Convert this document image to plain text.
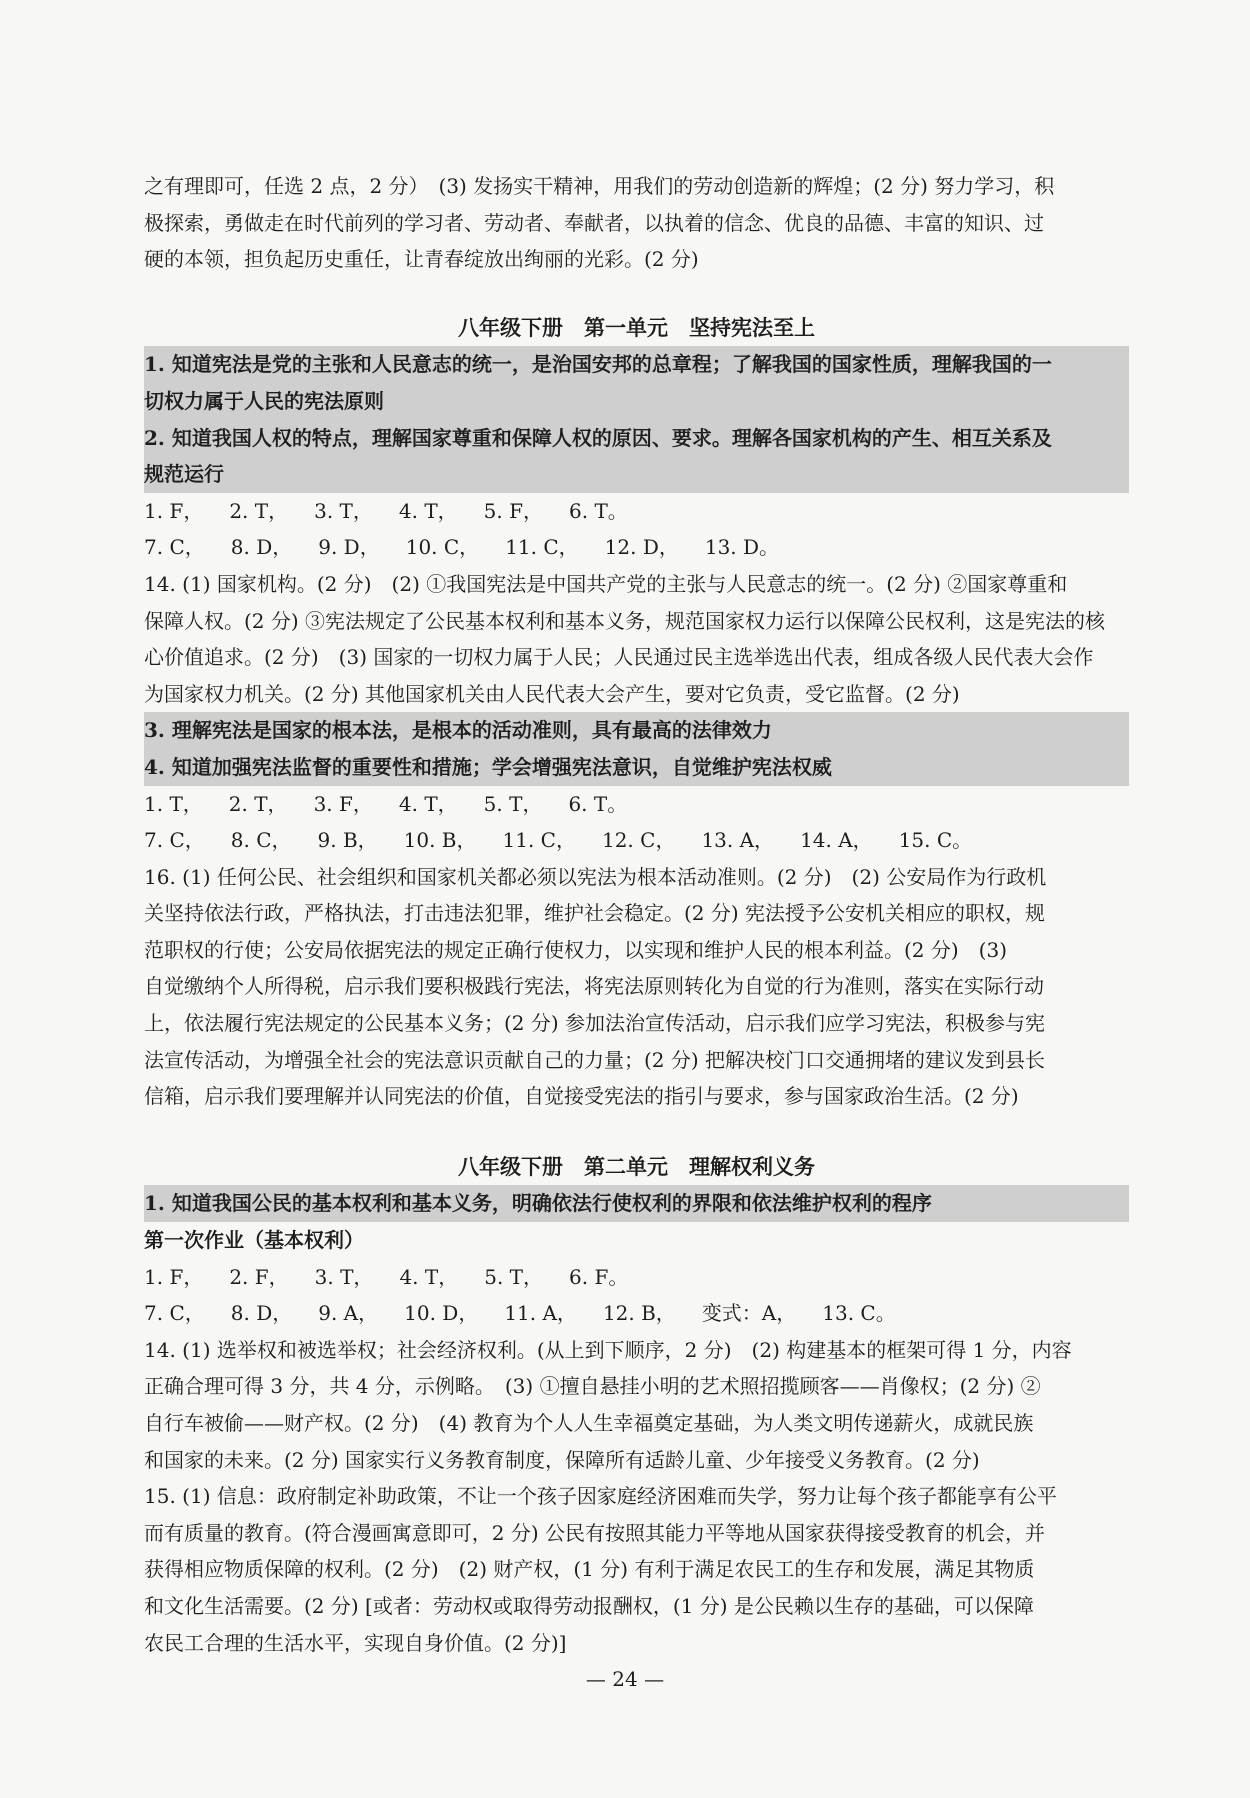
之有理即可，任选 2 点，2 分）　(3) 发扬实干精神，用我们的劳动创造新的辉煌；(2 分) 努力学习，积

极探索，勇做走在时代前列的学习者、劳动者、奉献者，以执着的信念、优良的品德、丰富的知识、过

硬的本领，担负起历史重任，让青春绽放出绚丽的光彩。(2 分)

八年级下册　第一单元　坚持宪法至上
1. 知道宪法是党的主张和人民意志的统一，是治国安邦的总章程；了解我国的国家性质，理解我国的一
切权力属于人民的宪法原则
2. 知道我国人权的特点，理解国家尊重和保障人权的原因、要求。理解各国家机构的产生、相互关系及
规范运行
1. F， 2. T， 3. T， 4. T， 5. F， 6. T。
7. C， 8. D， 9. D， 10. C， 11. C， 12. D， 13. D。

14. (1) 国家机构。(2 分)　(2) ①我国宪法是中国共产党的主张与人民意志的统一。(2 分) ②国家尊重和

保障人权。(2 分) ③宪法规定了公民基本权利和基本义务，规范国家权力运行以保障公民权利，这是宪法的核

心价值追求。(2 分)　(3) 国家的一切权力属于人民；人民通过民主选举选出代表，组成各级人民代表大会作

为国家权力机关。(2 分) 其他国家机关由人民代表大会产生，要对它负责，受它监督。(2 分)

3. 理解宪法是国家的根本法，是根本的活动准则，具有最高的法律效力
4. 知道加强宪法监督的重要性和措施；学会增强宪法意识，自觉维护宪法权威
1. T， 2. T， 3. F， 4. T， 5. T， 6. T。
7. C， 8. C， 9. B， 10. B， 11. C， 12. C， 13. A， 14. A， 15. C。

16. (1) 任何公民、社会组织和国家机关都必须以宪法为根本活动准则。(2 分)　(2) 公安局作为行政机

关坚持依法行政，严格执法，打击违法犯罪，维护社会稳定。(2 分) 宪法授予公安机关相应的职权，规

范职权的行使；公安局依据宪法的规定正确行使权力，以实现和维护人民的根本利益。(2 分)　(3)

自觉缴纳个人所得税，启示我们要积极践行宪法，将宪法原则转化为自觉的行为准则，落实在实际行动

上，依法履行宪法规定的公民基本义务；(2 分) 参加法治宣传活动，启示我们应学习宪法，积极参与宪

法宣传活动，为增强全社会的宪法意识贡献自己的力量；(2 分) 把解决校门口交通拥堵的建议发到县长

信箱，启示我们要理解并认同宪法的价值，自觉接受宪法的指引与要求，参与国家政治生活。(2 分)

八年级下册　第二单元　理解权利义务
1. 知道我国公民的基本权利和基本义务，明确依法行使权利的界限和依法维护权利的程序
第一次作业（基本权利）
1. F， 2. F， 3. T， 4. T， 5. T， 6. F。
7. C， 8. D， 9. A， 10. D， 11. A， 12. B， 变式：A， 13. C。

14. (1) 选举权和被选举权；社会经济权利。(从上到下顺序，2 分)　(2) 构建基本的框架可得 1 分，内容

正确合理可得 3 分，共 4 分，示例略。　(3) ①擅自悬挂小明的艺术照招揽顾客——肖像权；(2 分) ②

自行车被偷——财产权。(2 分)　(4) 教育为个人人生幸福奠定基础，为人类文明传递薪火，成就民族

和国家的未来。(2 分) 国家实行义务教育制度，保障所有适龄儿童、少年接受义务教育。(2 分)

15. (1) 信息：政府制定补助政策，不让一个孩子因家庭经济困难而失学，努力让每个孩子都能享有公平

而有质量的教育。(符合漫画寓意即可，2 分) 公民有按照其能力平等地从国家获得接受教育的机会，并

获得相应物质保障的权利。(2 分)　(2) 财产权，(1 分) 有利于满足农民工的生存和发展，满足其物质

和文化生活需要。(2 分) [或者：劳动权或取得劳动报酬权，(1 分) 是公民赖以生存的基础，可以保障

农民工合理的生活水平，实现自身价值。(2 分)]

— 24 —
